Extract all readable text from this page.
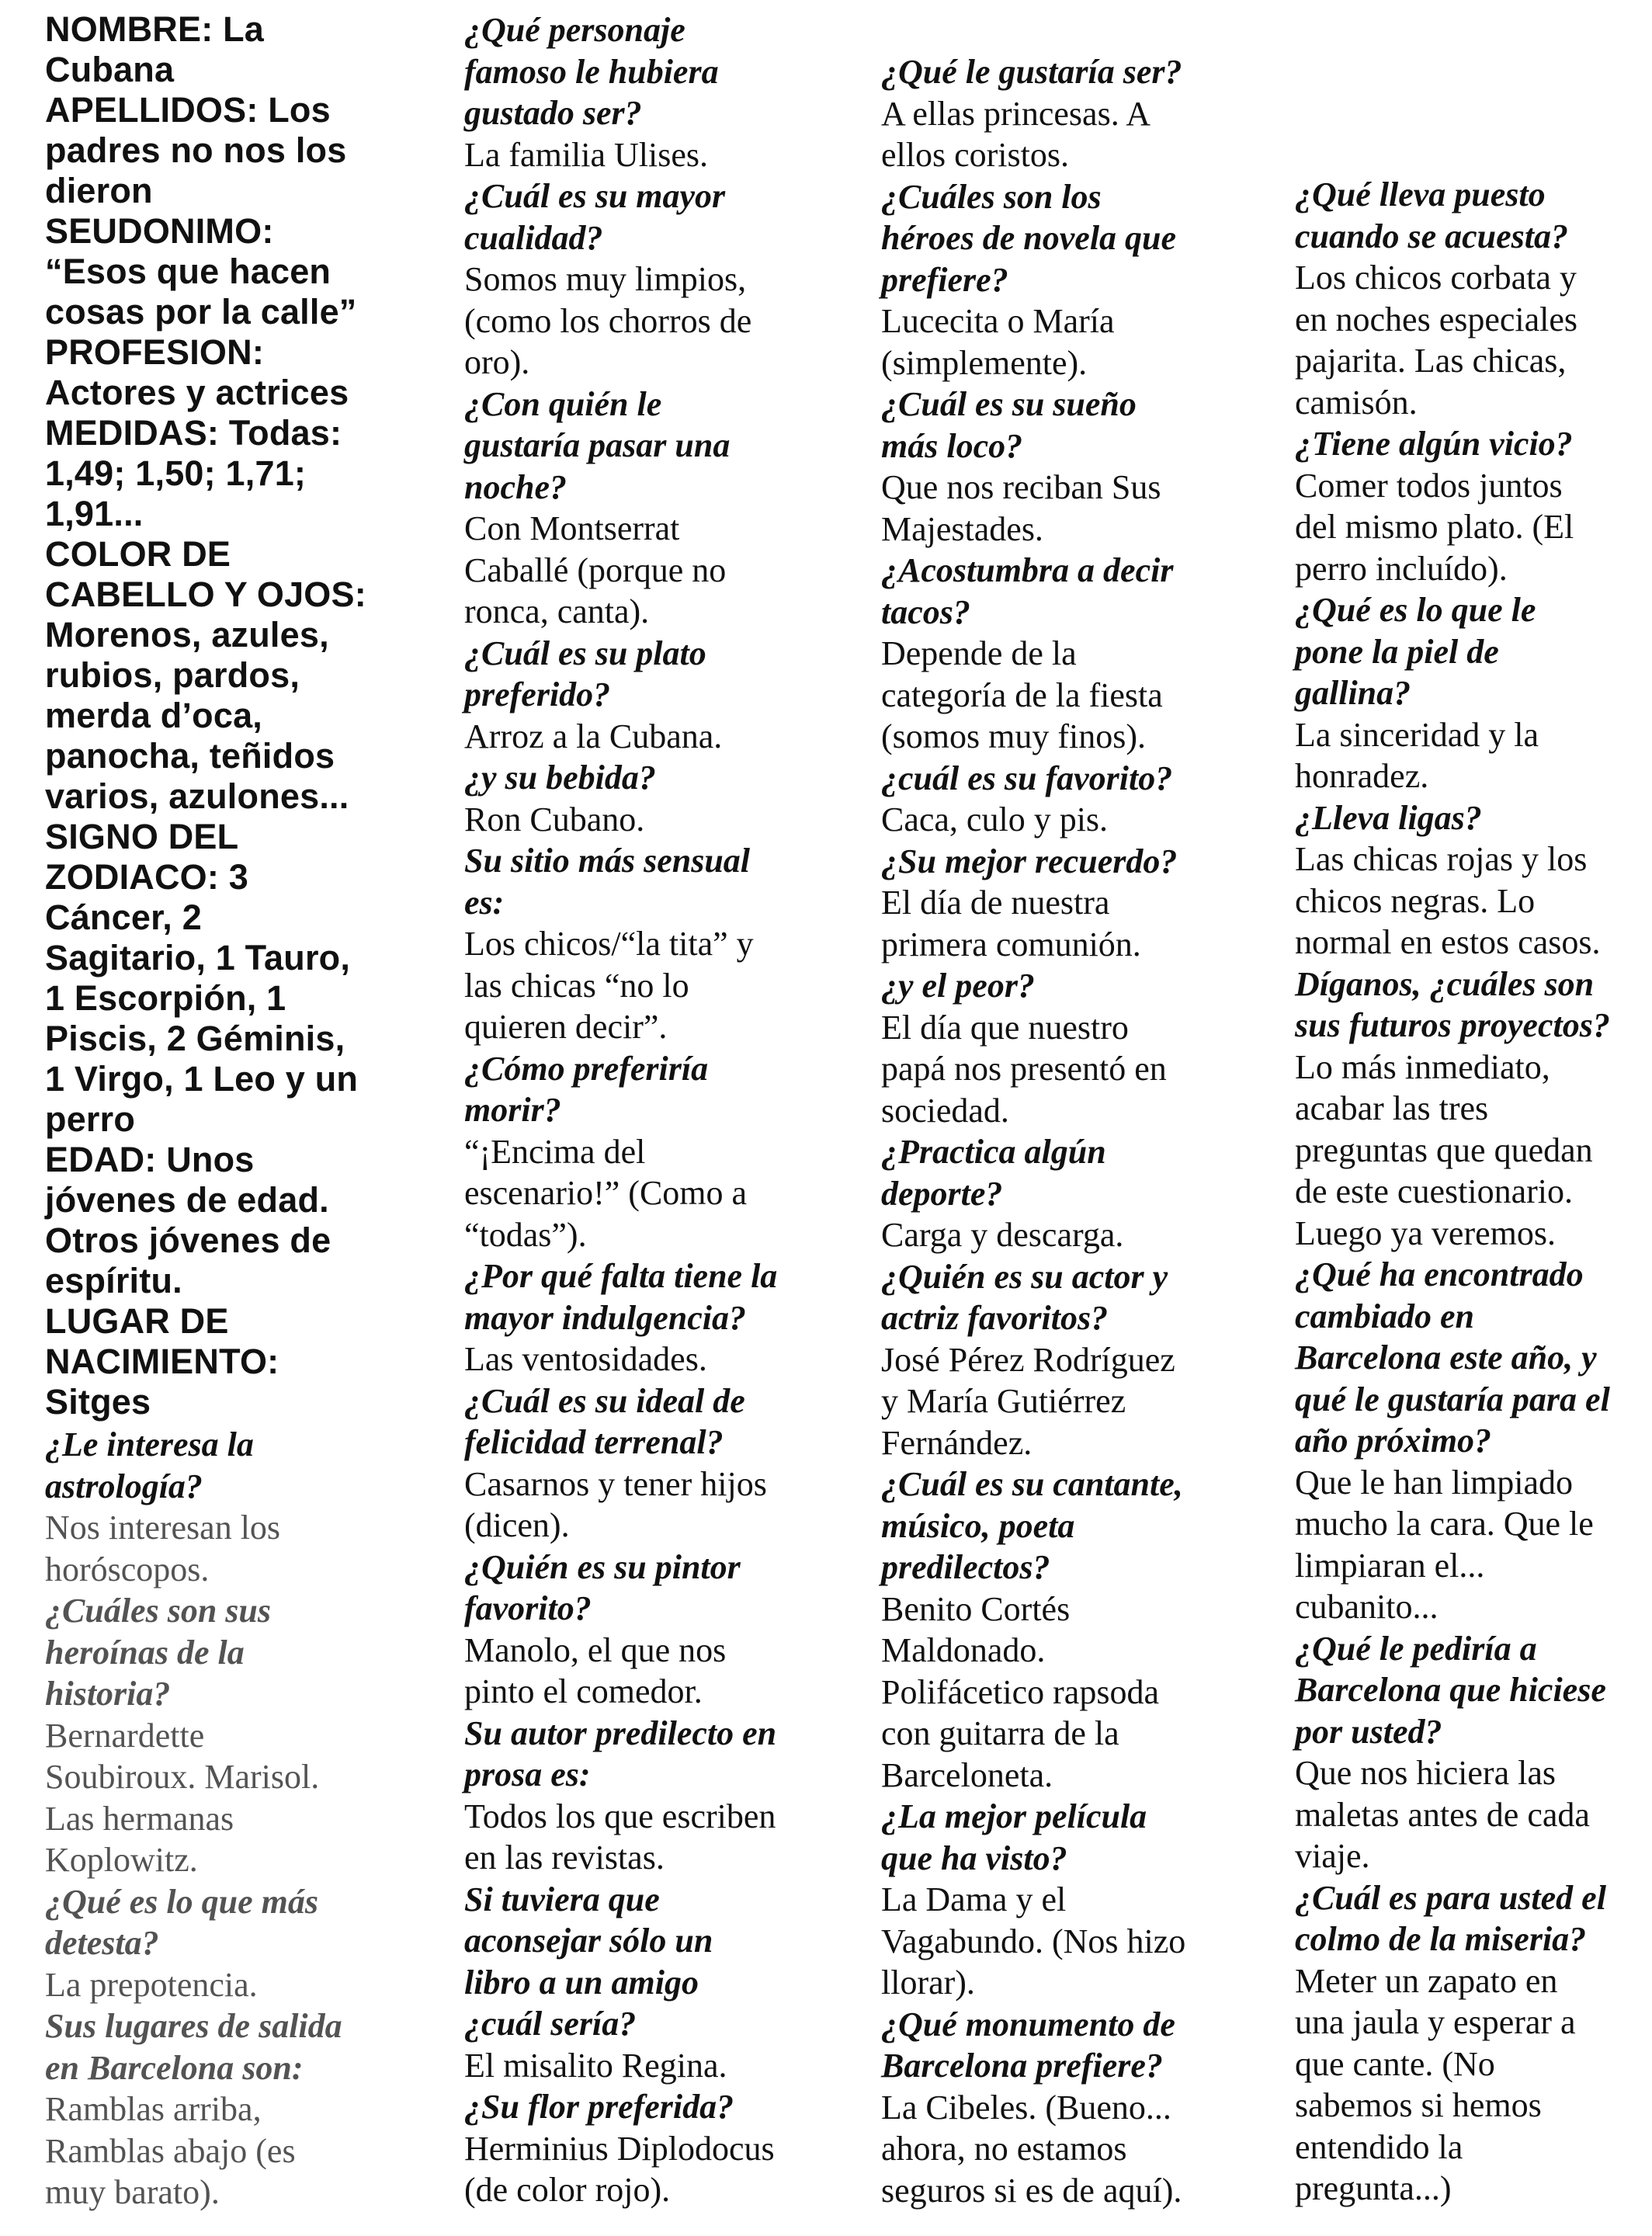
NOMBRE: La
Cubana
APELLIDOS: Los
padres no nos los
dieron
SEUDONIMO:
“Esos que hacen
cosas por la calle”
PROFESION:
Actores y actrices
MEDIDAS: Todas:
1,49; 1,50; 1,71;
1,91...
COLOR DE
CABELLO Y OJOS:
Morenos, azules,
rubios, pardos,
merda d’oca,
panocha, teñidos
varios, azulones...
SIGNO DEL
ZODIACO: 3
Cáncer, 2
Sagitario, 1 Tauro,
1 Escorpión, 1
Piscis, 2 Géminis,
1 Virgo, 1 Leo y un
perro
EDAD: Unos
jóvenes de edad.
Otros jóvenes de
espíritu.
LUGAR DE
NACIMIENTO:
Sitges
¿Le interesa la
astrología?
Nos interesan los
horóscopos.
¿Cuáles son sus
heroínas de la
historia?
Bernardette
Soubiroux. Marisol.
Las hermanas
Koplowitz.
¿Qué es lo que más
detesta?
La prepotencia.
Sus lugares de salida
en Barcelona son:
Ramblas arriba,
Ramblas abajo (es
muy barato).
¿Qué personaje
famoso le hubiera
gustado ser?
La familia Ulises.
¿Cuál es su mayor
cualidad?
Somos muy limpios,
(como los chorros de
oro).
¿Con quién le
gustaría pasar una
noche?
Con Montserrat
Caballé (porque no
ronca, canta).
¿Cuál es su plato
preferido?
Arroz a la Cubana.
¿y su bebida?
Ron Cubano.
Su sitio más sensual
es:
Los chicos/“la tita” y
las chicas “no lo
quieren decir”.
¿Cómo preferiría
morir?
“¡Encima del
escenario!” (Como a
“todas”).
¿Por qué falta tiene la
mayor indulgencia?
Las ventosidades.
¿Cuál es su ideal de
felicidad terrenal?
Casarnos y tener hijos
(dicen).
¿Quién es su pintor
favorito?
Manolo, el que nos
pinto el comedor.
Su autor predilecto en
prosa es:
Todos los que escriben
en las revistas.
Si tuviera que
aconsejar sólo un
libro a un amigo
¿cuál sería?
El misalito Regina.
¿Su flor preferida?
Herminius Diplodocus
(de color rojo).
¿Qué le gustaría ser?
A ellas princesas. A
ellos coristos.
¿Cuáles son los
héroes de novela que
prefiere?
Lucecita o María
(simplemente).
¿Cuál es su sueño
más loco?
Que nos reciban Sus
Majestades.
¿Acostumbra a decir
tacos?
Depende de la
categoría de la fiesta
(somos muy finos).
¿cuál es su favorito?
Caca, culo y pis.
¿Su mejor recuerdo?
El día de nuestra
primera comunión.
¿y el peor?
El día que nuestro
papá nos presentó en
sociedad.
¿Practica algún
deporte?
Carga y descarga.
¿Quién es su actor y
actriz favoritos?
José Pérez Rodríguez
y María Gutiérrez
Fernández.
¿Cuál es su cantante,
músico, poeta
predilectos?
Benito Cortés
Maldonado.
Polifácetico rapsoda
con guitarra de la
Barceloneta.
¿La mejor película
que ha visto?
La Dama y el
Vagabundo. (Nos hizo
llorar).
¿Qué monumento de
Barcelona prefiere?
La Cibeles. (Bueno...
ahora, no estamos
seguros si es de aquí).
¿Qué lleva puesto
cuando se acuesta?
Los chicos corbata y
en noches especiales
pajarita. Las chicas,
camisón.
¿Tiene algún vicio?
Comer todos juntos
del mismo plato. (El
perro incluído).
¿Qué es lo que le
pone la piel de
gallina?
La sinceridad y la
honradez.
¿Lleva ligas?
Las chicas rojas y los
chicos negras. Lo
normal en estos casos.
Díganos, ¿cuáles son
sus futuros proyectos?
Lo más inmediato,
acabar las tres
preguntas que quedan
de este cuestionario.
Luego ya veremos.
¿Qué ha encontrado
cambiado en
Barcelona este año, y
qué le gustaría para el
año próximo?
Que le han limpiado
mucho la cara. Que le
limpiaran el...
cubanito...
¿Qué le pediría a
Barcelona que hiciese
por usted?
Que nos hiciera las
maletas antes de cada
viaje.
¿Cuál es para usted el
colmo de la miseria?
Meter un zapato en
una jaula y esperar a
que cante. (No
sabemos si hemos
entendido la
pregunta...)
